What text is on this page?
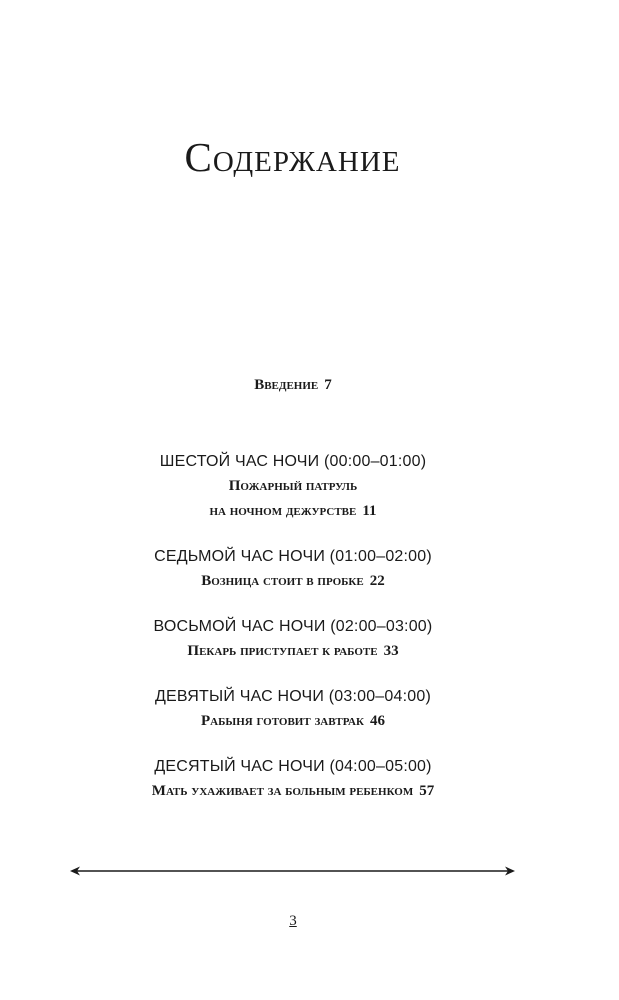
Содержание
Введение 7
ШЕСТОЙ ЧАС НОЧИ (00:00–01:00)
Пожарный патруль
на ночном дежурстве 11
СЕДЬМОЙ ЧАС НОЧИ (01:00–02:00)
Возница стоит в пробке 22
ВОСЬМОЙ ЧАС НОЧИ (02:00–03:00)
Пекарь приступает к работе 33
ДЕВЯТЫЙ ЧАС НОЧИ (03:00–04:00)
Рабыня готовит завтрак 46
ДЕСЯТЫЙ ЧАС НОЧИ (04:00–05:00)
Мать ухаживает за больным ребенком 57
3
